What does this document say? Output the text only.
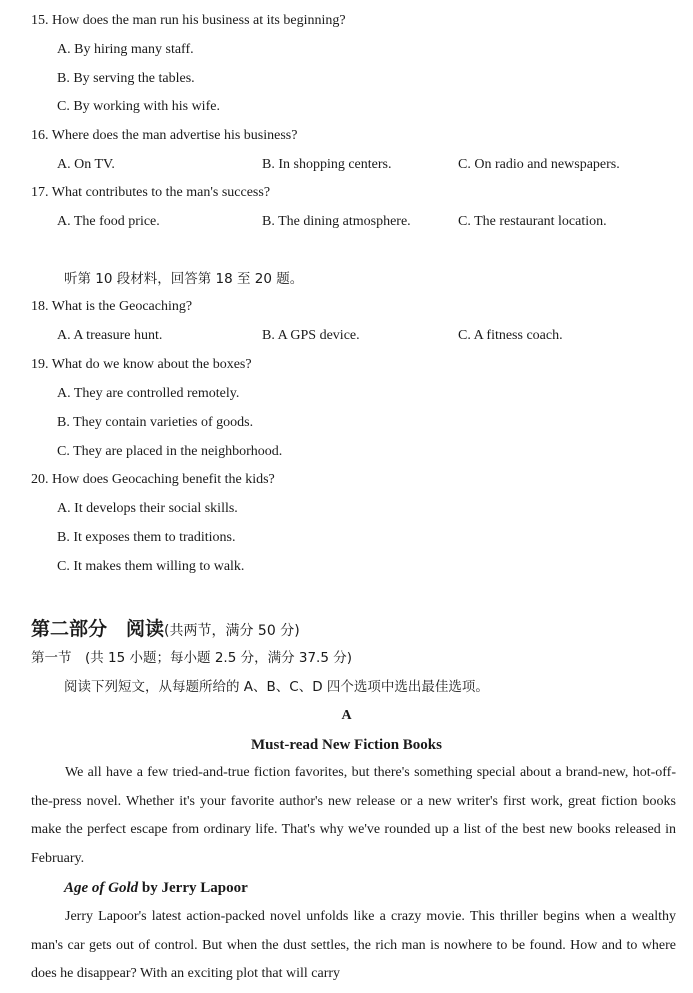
15. How does the man run his business at its beginning?
A. By hiring many staff.
B. By serving the tables.
C. By working with his wife.
16. Where does the man advertise his business?
A. On TV.	B. In shopping centers.	C. On radio and newspapers.
17. What contributes to the man's success?
A. The food price.	B. The dining atmosphere.	C. The restaurant location.
听第 10 段材料，回答第 18 至 20 题。
18. What is the Geocaching?
A. A treasure hunt.	B. A GPS device.	C. A fitness coach.
19. What do we know about the boxes?
A. They are controlled remotely.
B. They contain varieties of goods.
C. They are placed in the neighborhood.
20. How does Geocaching benefit the kids?
A. It develops their social skills.
B. It exposes them to traditions.
C. It makes them willing to walk.
第二部分　阅读(共两节，满分 50 分)
第一节　(共 15 小题；每小题 2.5 分，满分 37.5 分)
阅读下列短文，从每题所给的 A、B、C、D 四个选项中选出最佳选项。
A
Must-read New Fiction Books

We all have a few tried-and-true fiction favorites, but there's something special about a brand-new, hot-off-the-press novel. Whether it's your favorite author's new release or a new writer's first work, great fiction books make the perfect escape from ordinary life. That's why we've rounded up a list of the best new books released in February.

Age of Gold by Jerry Lapoor

Jerry Lapoor's latest action-packed novel unfolds like a crazy movie. This thriller begins when a wealthy man's car gets out of control. But when the dust settles, the rich man is nowhere to be found. How and to where does he disappear? With an exciting plot that will carry
